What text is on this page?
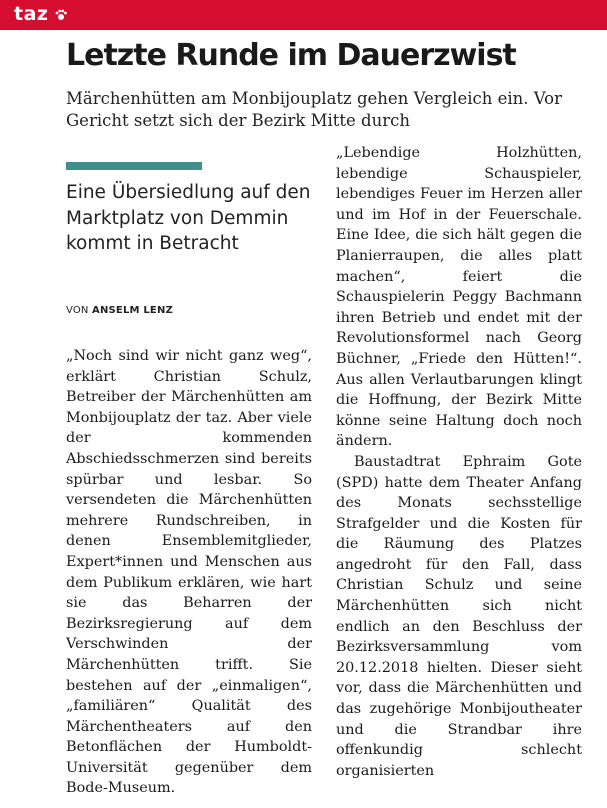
taz
Letzte Runde im Dauerzwist

Märchenhütten am Monbijouplatz gehen Vergleich ein. Vor Gericht setzt sich der Bezirk Mitte durch

Eine Übersiedlung auf den Marktplatz von Demmin kommt in Betracht
VON ANSELM LENZ

„Noch sind wir nicht ganz weg“, erklärt Christian Schulz, Betreiber der Märchenhütten am Monbijouplatz der taz. Aber viele der kommenden Abschiedsschmerzen sind bereits spürbar und lesbar. So versendeten die Märchenhütten mehrere Rundschreiben, in denen Ensemblemitglieder, Expert*innen und Menschen aus dem Publikum erklären, wie hart sie das Beharren der Bezirksregierung auf dem Verschwinden der Märchenhütten trifft. Sie bestehen auf der „einmaligen“, „familiären“ Qualität des Märchentheaters auf den Betonflächen der Humboldt-Universität gegenüber dem Bode-Museum.

„Lebendige Holzhütten, lebendige Schauspieler, lebendiges Feuer im Herzen aller und im Hof in der Feuerschale. Eine Idee, die sich hält gegen die Planierraupen, die alles platt machen“, feiert die Schauspielerin Peggy Bachmann ihren Betrieb und endet mit der Revolutionsformel nach Georg Büchner, „Friede den Hütten!“. Aus allen Verlautbarungen klingt die Hoffnung, der Bezirk Mitte könne seine Haltung doch noch ändern.

Baustadtrat Ephraim Gote (SPD) hatte dem Theater Anfang des Monats sechsstellige Strafgelder und die Kosten für die Räumung des Platzes angedroht für den Fall, dass Christian Schulz und seine Märchenhütten sich nicht endlich an den Beschluss der Bezirksversammlung vom 20.12.2018 hielten. Dieser sieht vor, dass die Märchenhütten und das zugehörige Monbijoutheater und die Strandbar ihre offenkundig schlecht organisierten
